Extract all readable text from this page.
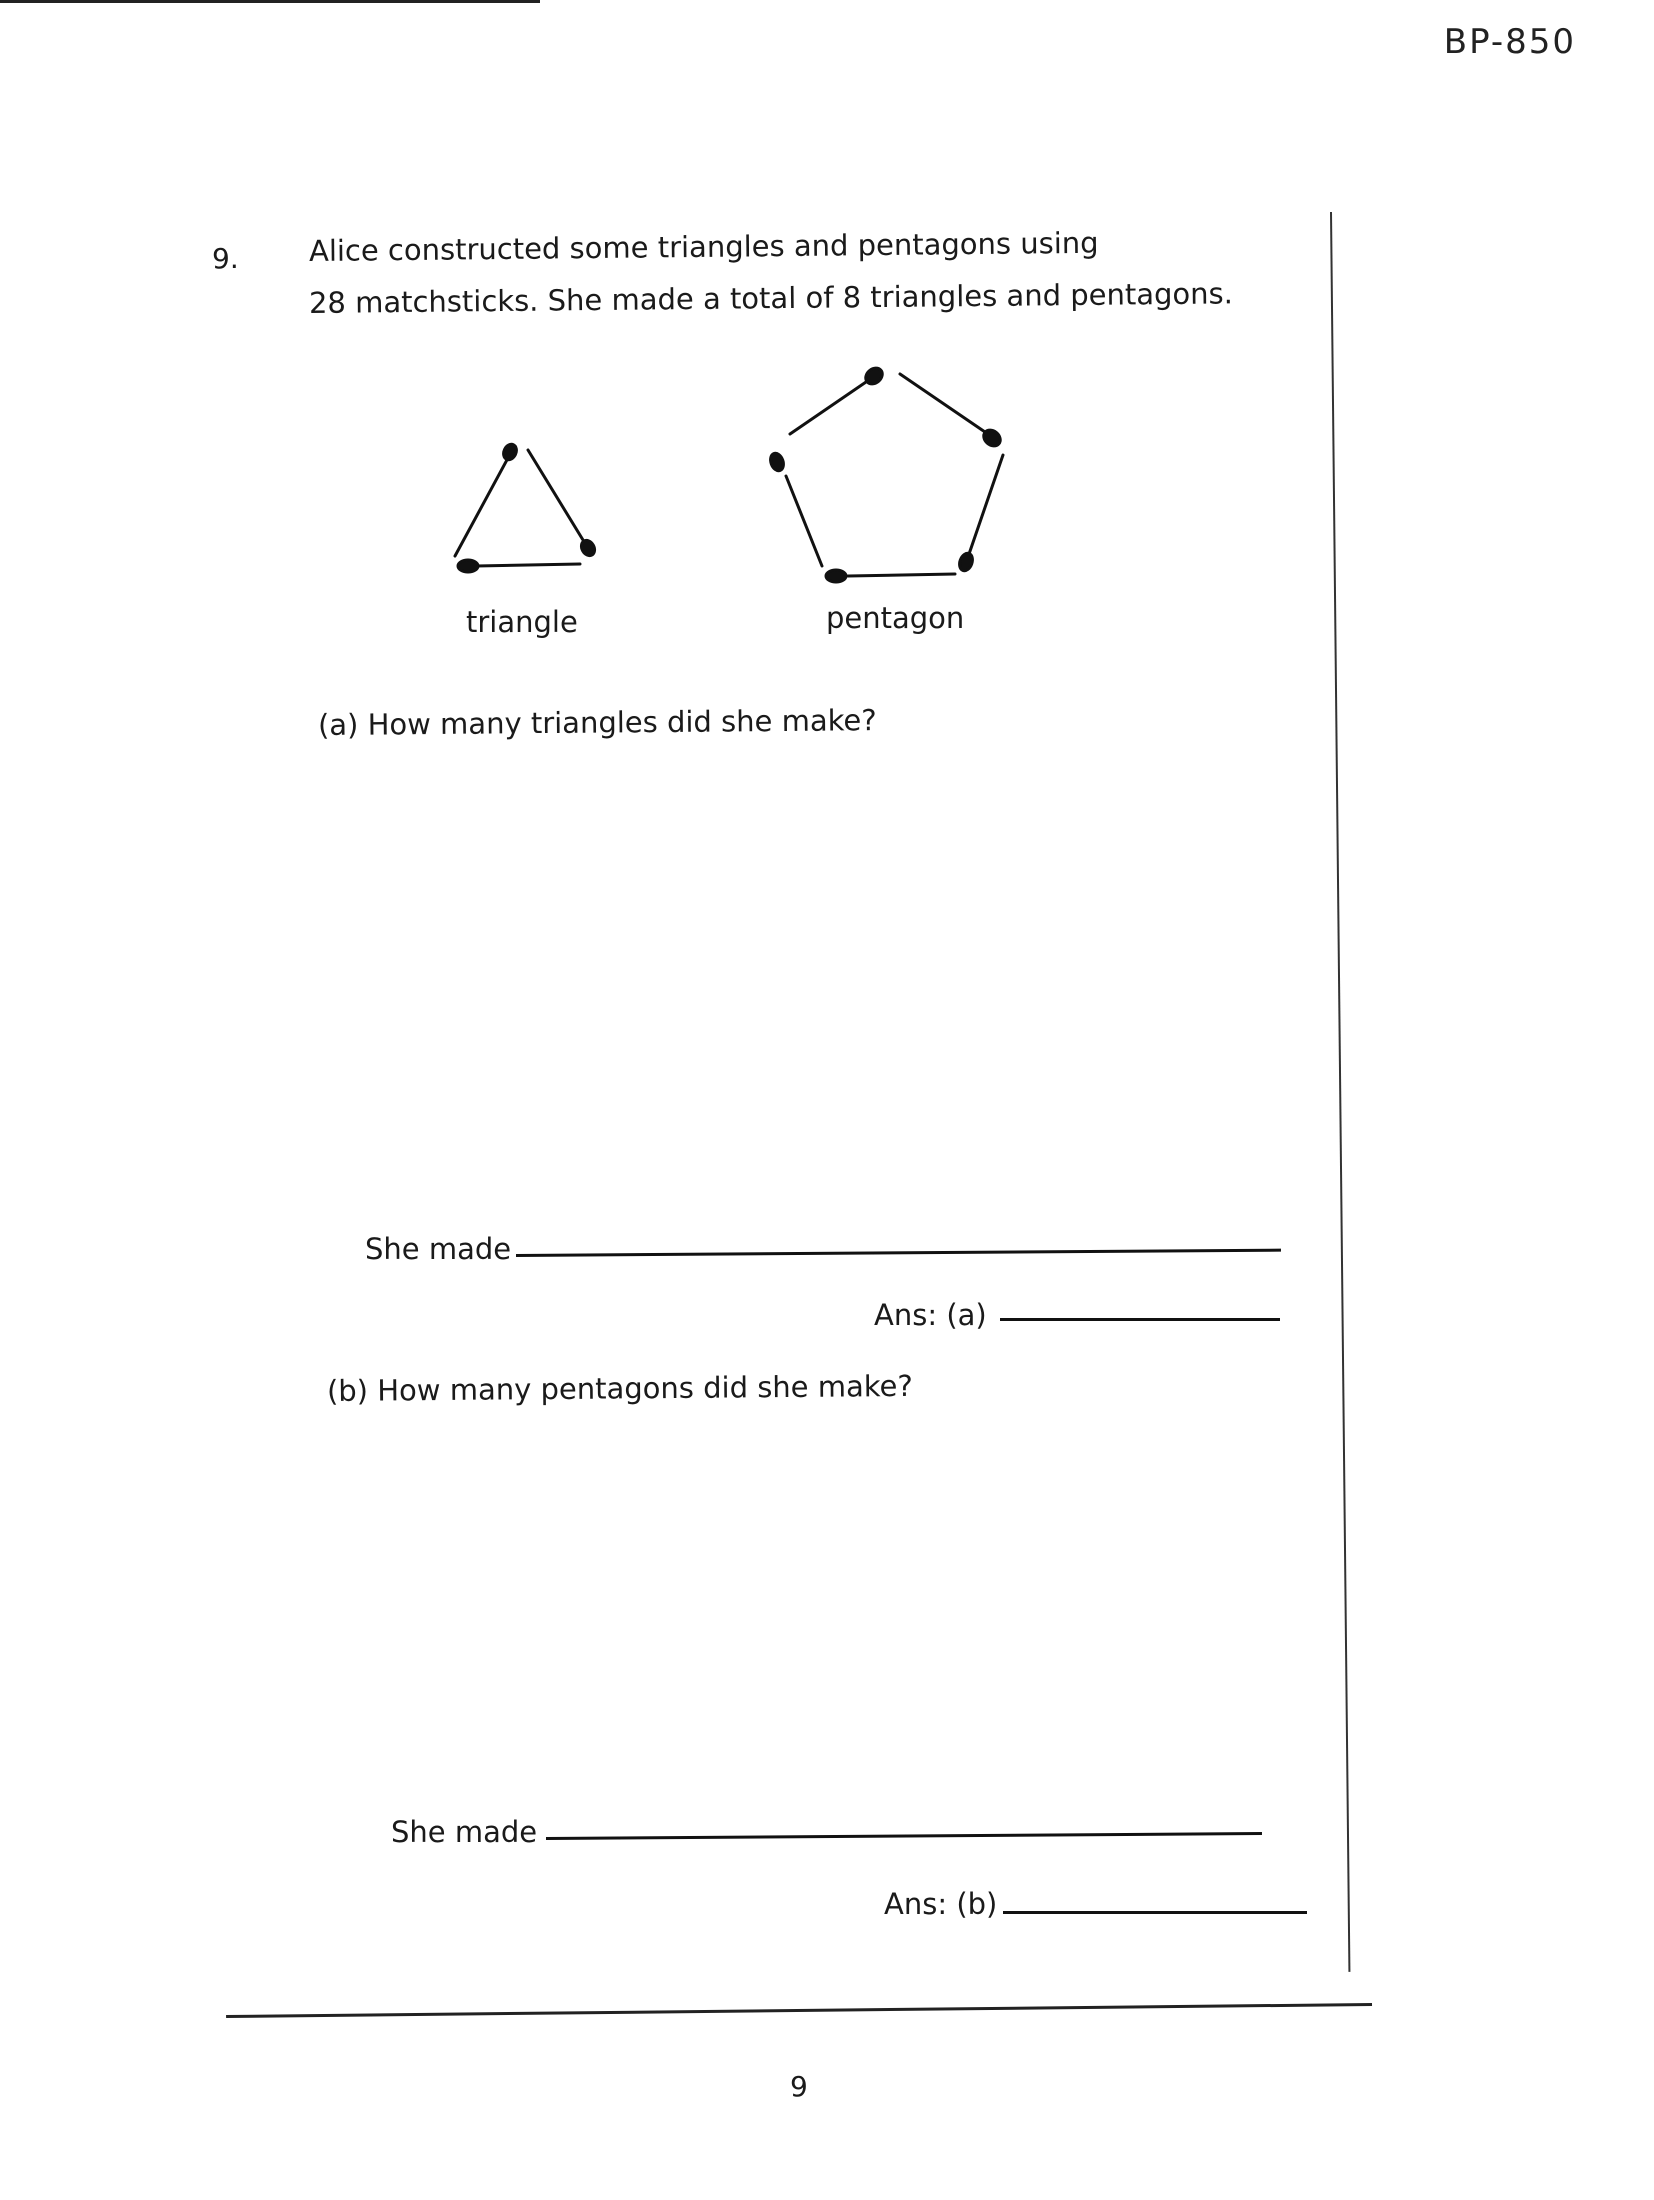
BP-850
9. Alice constructed some triangles and pentagons using
28 matchsticks. She made a total of 8 triangles and pentagons.
triangle	pentagon
(a) How many triangles did she make?
She made
Ans: (a)
(b) How many pentagons did she make?
She made
Ans: (b)
9
